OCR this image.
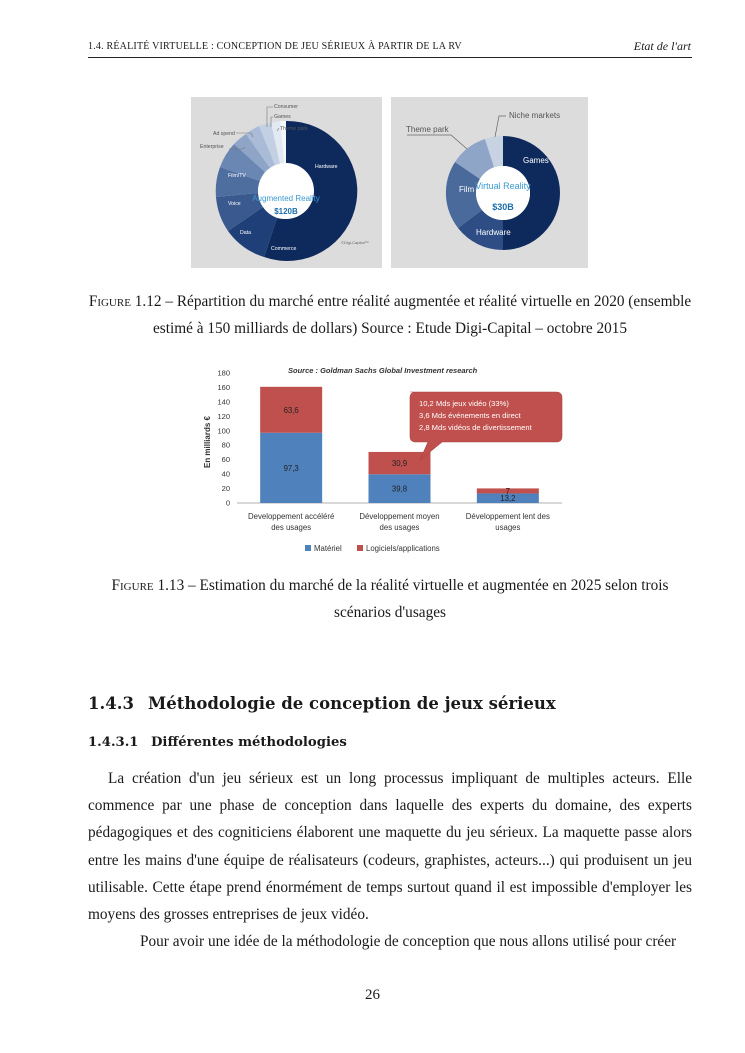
1.4. RÉALITÉ VIRTUELLE : CONCEPTION DE JEU SÉRIEUX À PARTIR DE LA RV	Etat de l'art
Consumer
Games
Theme park
Ad spend
Enterprise
Film/TV
Voice
Data
Commerce
Hardware
Augmented Reality
$120B
©Digi-Capital™
Niche markets
Theme park
Games
Film
Hardware
Virtual Reality
$30B
Figure 1.12 – Répartition du marché entre réalité augmentée et réalité virtuelle en 2020 (ensemble estimé à 150 milliards de dollars) Source : Etude Digi-Capital – octobre 2015
Source : Goldman Sachs Global Investment research
En milliards €
0
20
40
60
80
100
120
140
160
180
97,3
63,6
39,8
30,9
13,2
7
Developpement accéléré
des usages
Développement moyen
des usages
Développement lent des
usages
10,2 Mds jeux vidéo (33%)
3,6 Mds événements en direct
2,8 Mds vidéos de divertissement
Matériel	Logiciels/applications
Figure 1.13 – Estimation du marché de la réalité virtuelle et augmentée en 2025 selon trois scénarios d'usages
1.4.3 Méthodologie de conception de jeux sérieux
1.4.3.1 Différentes méthodologies

La création d'un jeu sérieux est un long processus impliquant de multiples acteurs. Elle commence par une phase de conception dans laquelle des experts du domaine, des experts pédagogiques et des cogniticiens élaborent une maquette du jeu sérieux. La maquette passe alors entre les mains d'une équipe de réalisateurs (codeurs, graphistes, acteurs...) qui produisent un jeu utilisable. Cette étape prend énormément de temps surtout quand il est impossible d'employer les moyens des grosses entreprises de jeux vidéo.

Pour avoir une idée de la méthodologie de conception que nous allons utilisé pour créer
26
